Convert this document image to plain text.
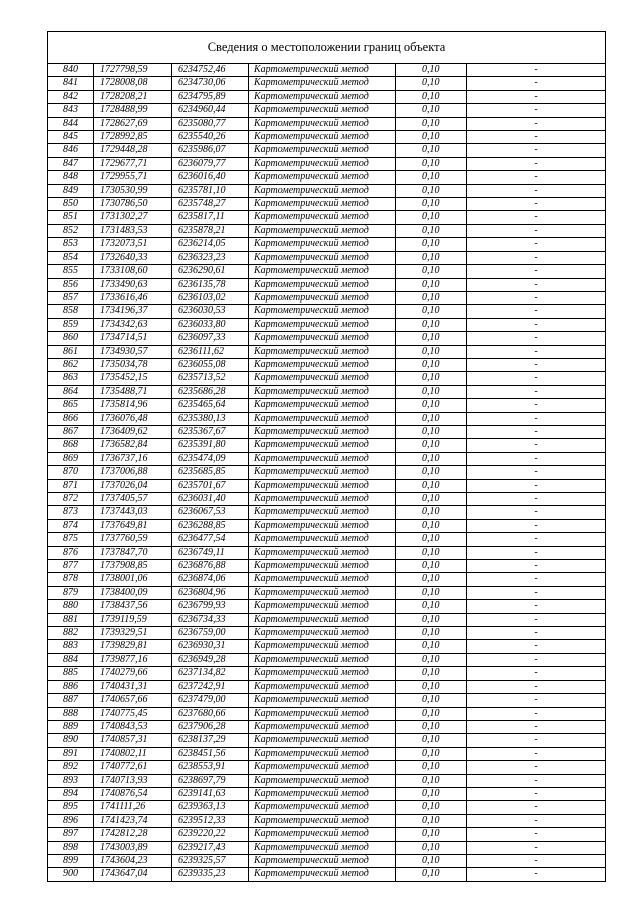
Сведения о местоположении границ объекта					
840	1727798,59	6234752,46	Картометрический метод	0,10	-
841	1728008,08	6234730,06	Картометрический метод	0,10	-
842	1728208,21	6234795,89	Картометрический метод	0,10	-
843	1728488,99	6234960,44	Картометрический метод	0,10	-
844	1728627,69	6235080,77	Картометрический метод	0,10	-
845	1728992,85	6235540,26	Картометрический метод	0,10	-
846	1729448,28	6235986,07	Картометрический метод	0,10	-
847	1729677,71	6236079,77	Картометрический метод	0,10	-
848	1729955,71	6236016,40	Картометрический метод	0,10	-
849	1730530,99	6235781,10	Картометрический метод	0,10	-
850	1730786,50	6235748,27	Картометрический метод	0,10	-
851	1731302,27	6235817,11	Картометрический метод	0,10	-
852	1731483,53	6235878,21	Картометрический метод	0,10	-
853	1732073,51	6236214,05	Картометрический метод	0,10	-
854	1732640,33	6236323,23	Картометрический метод	0,10	-
855	1733108,60	6236290,61	Картометрический метод	0,10	-
856	1733490,63	6236135,78	Картометрический метод	0,10	-
857	1733616,46	6236103,02	Картометрический метод	0,10	-
858	1734196,37	6236030,53	Картометрический метод	0,10	-
859	1734342,63	6236033,80	Картометрический метод	0,10	-
860	1734714,51	6236097,33	Картометрический метод	0,10	-
861	1734930,57	6236111,62	Картометрический метод	0,10	-
862	1735034,78	6236055,08	Картометрический метод	0,10	-
863	1735452,15	6235713,52	Картометрический метод	0,10	-
864	1735488,71	6235686,28	Картометрический метод	0,10	-
865	1735814,96	6235465,64	Картометрический метод	0,10	-
866	1736076,48	6235380,13	Картометрический метод	0,10	-
867	1736409,62	6235367,67	Картометрический метод	0,10	-
868	1736582,84	6235391,80	Картометрический метод	0,10	-
869	1736737,16	6235474,09	Картометрический метод	0,10	-
870	1737006,88	6235685,85	Картометрический метод	0,10	-
871	1737026,04	6235701,67	Картометрический метод	0,10	-
872	1737405,57	6236031,40	Картометрический метод	0,10	-
873	1737443,03	6236067,53	Картометрический метод	0,10	-
874	1737649,81	6236288,85	Картометрический метод	0,10	-
875	1737760,59	6236477,54	Картометрический метод	0,10	-
876	1737847,70	6236749,11	Картометрический метод	0,10	-
877	1737908,85	6236876,88	Картометрический метод	0,10	-
878	1738001,06	6236874,06	Картометрический метод	0,10	-
879	1738400,09	6236804,96	Картометрический метод	0,10	-
880	1738437,56	6236799,93	Картометрический метод	0,10	-
881	1739119,59	6236734,33	Картометрический метод	0,10	-
882	1739329,51	6236759,00	Картометрический метод	0,10	-
883	1739829,81	6236930,31	Картометрический метод	0,10	-
884	1739877,16	6236949,28	Картометрический метод	0,10	-
885	1740279,66	6237134,82	Картометрический метод	0,10	-
886	1740431,31	6237242,91	Картометрический метод	0,10	-
887	1740657,66	6237479,00	Картометрический метод	0,10	-
888	1740775,45	6237680,66	Картометрический метод	0,10	-
889	1740843,53	6237906,28	Картометрический метод	0,10	-
890	1740857,31	6238137,29	Картометрический метод	0,10	-
891	1740802,11	6238451,56	Картометрический метод	0,10	-
892	1740772,61	6238553,91	Картометрический метод	0,10	-
893	1740713,93	6238697,79	Картометрический метод	0,10	-
894	1740876,54	6239141,63	Картометрический метод	0,10	-
895	1741111,26	6239363,13	Картометрический метод	0,10	-
896	1741423,74	6239512,33	Картометрический метод	0,10	-
897	1742812,28	6239220,22	Картометрический метод	0,10	-
898	1743003,89	6239217,43	Картометрический метод	0,10	-
899	1743604,23	6239325,57	Картометрический метод	0,10	-
900	1743647,04	6239335,23	Картометрический метод	0,10	-
